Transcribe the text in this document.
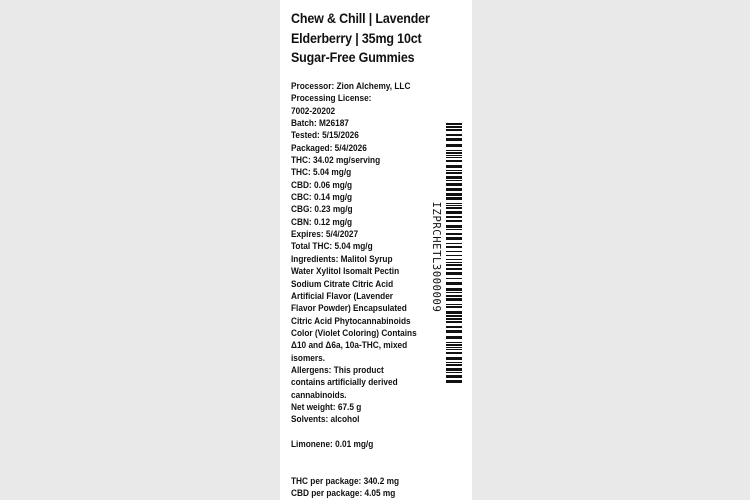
Chew & Chill | Lavender
Elderberry | 35mg 10ct
Sugar-Free Gummies
Processor: Zion Alchemy, LLC
Processing License:
7002-20202
Batch: M26187
Tested: 5/15/2026
Packaged: 5/4/2026
THC: 34.02 mg/serving
THC: 5.04 mg/g
CBD: 0.06 mg/g
CBC: 0.14 mg/g
CBG: 0.23 mg/g
CBN: 0.12 mg/g
Expires: 5/4/2027
Total THC: 5.04 mg/g
Ingredients: Malitol Syrup
Water Xylitol Isomalt Pectin
Sodium Citrate Citric Acid
Artificial Flavor (Lavender
Flavor Powder) Encapsulated
Citric Acid Phytocannabinoids
Color (Violet Coloring) Contains
Δ10 and Δ6a, 10a-THC, mixed
isomers.
Allergens: This product
contains artificially derived
cannabinoids.
Net weight: 67.5 g
Solvents: alcohol
Limonene: 0.01 mg/g
THC per package: 340.2 mg
CBD per package: 4.05 mg
IZPRCHETL3000009
